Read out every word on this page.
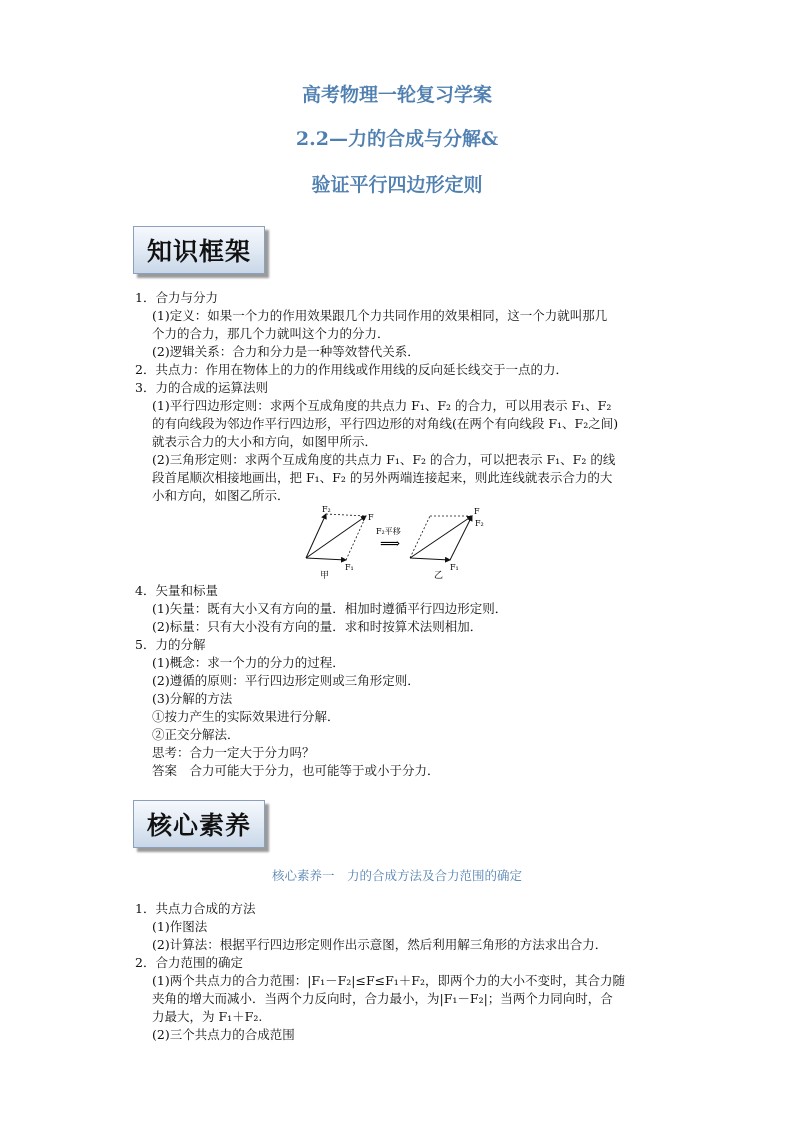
高考物理一轮复习学案
2.2—力的合成与分解&
验证平行四边形定则
知识框架
1．合力与分力
(1)定义：如果一个力的作用效果跟几个力共同作用的效果相同，这一个力就叫那几
个力的合力，那几个力就叫这个力的分力．
(2)逻辑关系：合力和分力是一种等效替代关系．
2．共点力：作用在物体上的力的作用线或作用线的反向延长线交于一点的力．
3．力的合成的运算法则
(1)平行四边形定则：求两个互成角度的共点力 F₁、F₂ 的合力，可以用表示 F₁、F₂
的有向线段为邻边作平行四边形，平行四边形的对角线(在两个有向线段 F₁、F₂之间)
就表示合力的大小和方向，如图甲所示．
(2)三角形定则：求两个互成角度的共点力 F₁、F₂ 的合力，可以把表示 F₁、F₂ 的线
段首尾顺次相接地画出，把 F₁、F₂ 的另外两端连接起来，则此连线就表示合力的大
小和方向，如图乙所示．
F₂
F
F₁
甲
F₂平移
⟹
F
F₂
F₁
乙
4．矢量和标量
(1)矢量：既有大小又有方向的量．相加时遵循平行四边形定则．
(2)标量：只有大小没有方向的量．求和时按算术法则相加．
5．力的分解
(1)概念：求一个力的分力的过程．
(2)遵循的原则：平行四边形定则或三角形定则．
(3)分解的方法
①按力产生的实际效果进行分解．
②正交分解法．
思考：合力一定大于分力吗？
答案　合力可能大于分力，也可能等于或小于分力．
核心素养
核心素养一　力的合成方法及合力范围的确定
1．共点力合成的方法
(1)作图法
(2)计算法：根据平行四边形定则作出示意图，然后利用解三角形的方法求出合力．
2．合力范围的确定
(1)两个共点力的合力范围：|F₁－F₂|≤F≤F₁＋F₂，即两个力的大小不变时，其合力随
夹角的增大而减小．当两个力反向时，合力最小，为|F₁－F₂|；当两个力同向时，合
力最大，为 F₁＋F₂.
(2)三个共点力的合成范围
